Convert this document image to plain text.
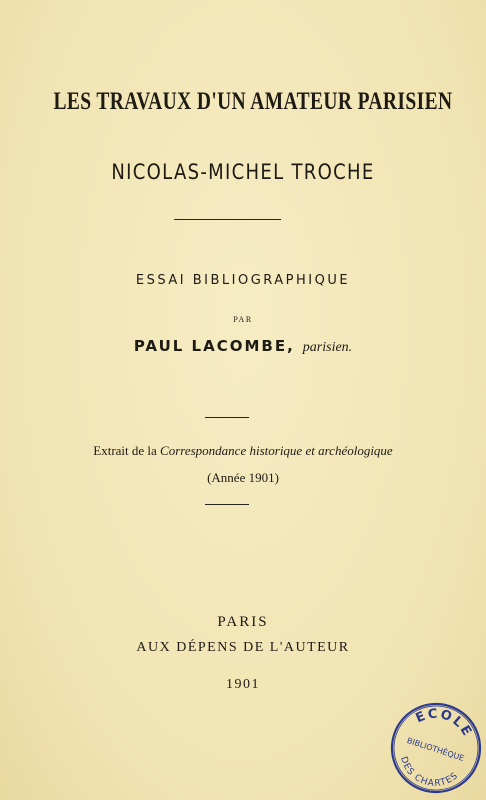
LES TRAVAUX D'UN AMATEUR PARISIEN
NICOLAS-MICHEL TROCHE
ESSAI BIBLIOGRAPHIQUE
PAR
PAUL LACOMBE, parisien.
Extrait de la Correspondance historique et archéologique
(Année 1901)
PARIS
AUX DÉPENS DE L'AUTEUR
1901
ECOLE
BIBLIOTHÈQUE
DES CHARTES
